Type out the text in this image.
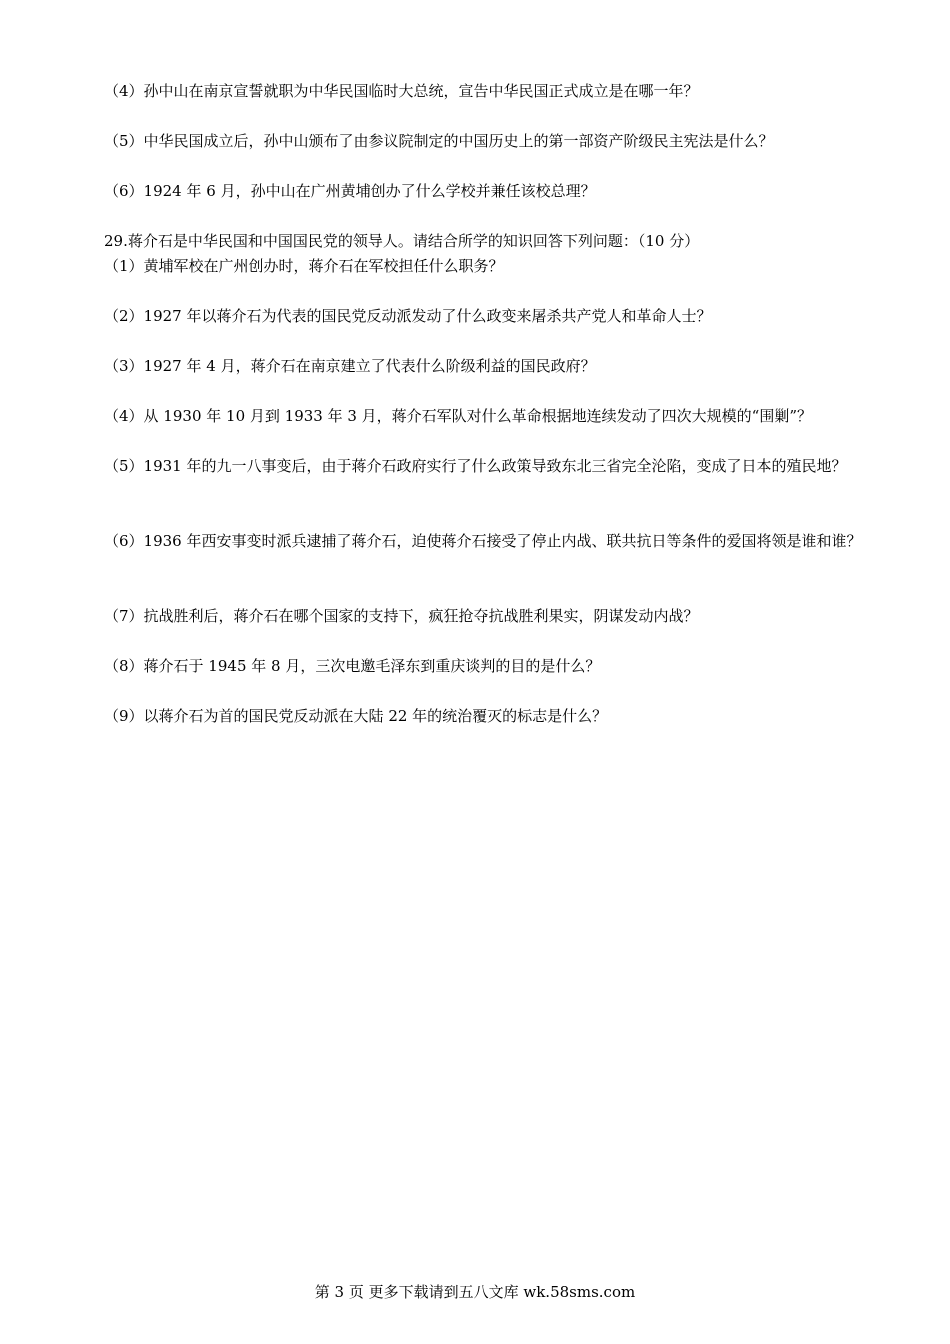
（4）孙中山在南京宣誓就职为中华民国临时大总统，宣告中华民国正式成立是在哪一年？
（5）中华民国成立后，孙中山颁布了由参议院制定的中国历史上的第一部资产阶级民主宪法是什么？
（6）1924 年 6 月，孙中山在广州黄埔创办了什么学校并兼任该校总理？
29.蒋介石是中华民国和中国国民党的领导人。请结合所学的知识回答下列问题：（10 分）
（1）黄埔军校在广州创办时，蒋介石在军校担任什么职务？
（2）1927 年以蒋介石为代表的国民党反动派发动了什么政变来屠杀共产党人和革命人士？
（3）1927 年 4 月，蒋介石在南京建立了代表什么阶级利益的国民政府？
（4）从 1930 年 10 月到 1933 年 3 月，蒋介石军队对什么革命根据地连续发动了四次大规模的“围剿”？
（5）1931 年的九一八事变后，由于蒋介石政府实行了什么政策导致东北三省完全沦陷，变成了日本的殖民地？
（6）1936 年西安事变时派兵逮捕了蒋介石，迫使蒋介石接受了停止内战、联共抗日等条件的爱国将领是谁和谁？
（7）抗战胜利后，蒋介石在哪个国家的支持下，疯狂抢夺抗战胜利果实，阴谋发动内战？
（8）蒋介石于 1945 年 8 月，三次电邀毛泽东到重庆谈判的目的是什么？
（9）以蒋介石为首的国民党反动派在大陆 22 年的统治覆灭的标志是什么？
第 3 页 更多下载请到五八文库 wk.58sms.com
